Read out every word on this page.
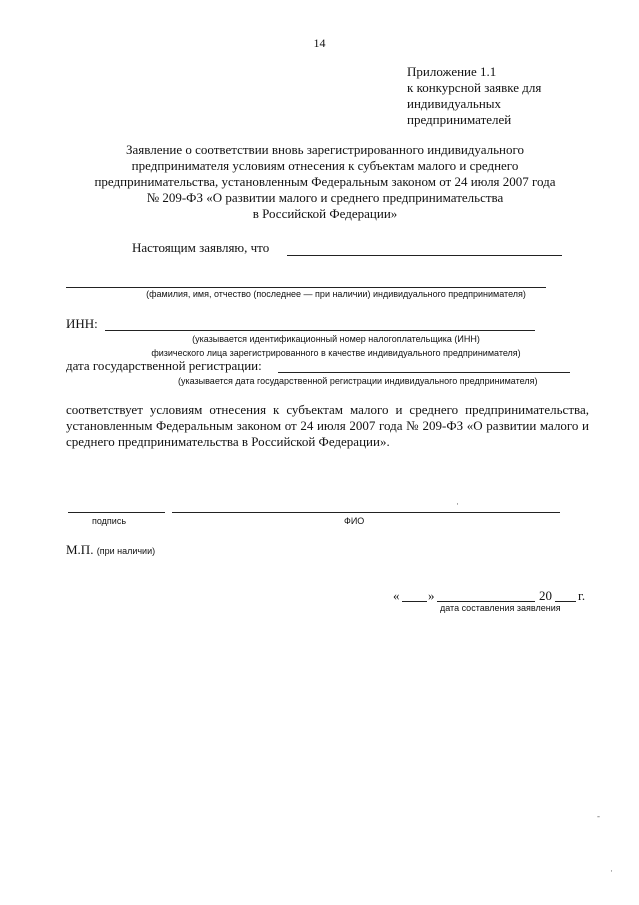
14
Приложение 1.1
к конкурсной заявке для
индивидуальных
предпринимателей
Заявление о соответствии вновь зарегистрированного индивидуального
предпринимателя условиям отнесения к субъектам малого и среднего
предпринимательства, установленным Федеральным законом от 24 июля 2007 года
№ 209-ФЗ «О развитии малого и среднего предпринимательства
в Российской Федерации»
Настоящим заявляю, что
(фамилия, имя, отчество (последнее — при наличии) индивидуального предпринимателя)
ИНН:
(указывается идентификационный номер налогоплательщика (ИНН)
физического лица зарегистрированного в качестве индивидуального предпринимателя)
дата государственной регистрации:
(указывается дата государственной регистрации индивидуального предпринимателя)
соответствует условиям отнесения к субъектам малого и среднего предпринимательства, установленным Федеральным законом от 24 июля 2007 года № 209-ФЗ «О развитии малого и среднего предпринимательства в Российской Федерации».
подпись	ФИО
·
М.П. (при наличии)
« »	20 г.
дата составления заявления
-
·
